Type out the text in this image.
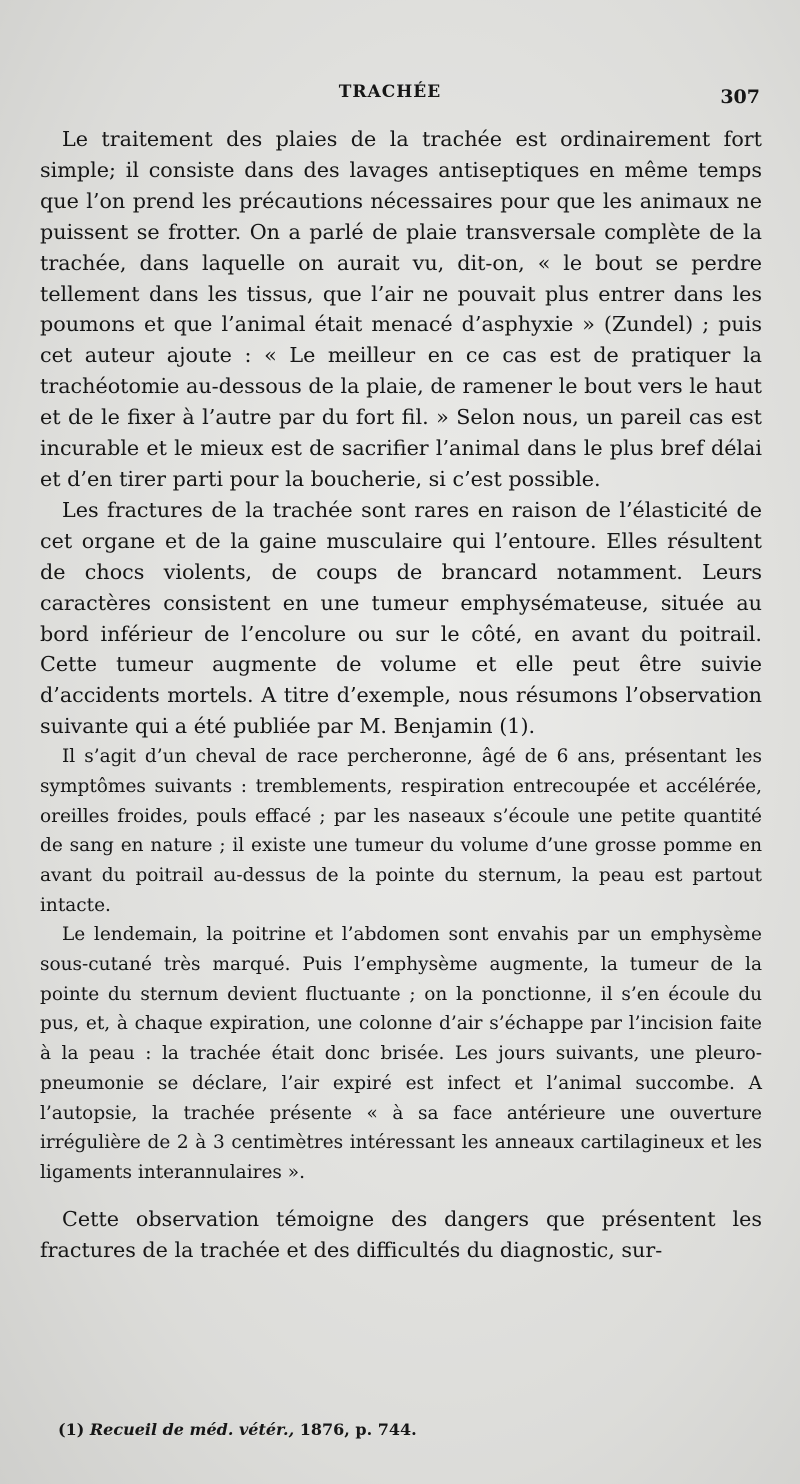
TRACHÉE	307

Le traitement des plaies de la trachée est ordinairement fort simple; il consiste dans des lavages antiseptiques en même temps que l’on prend les précautions nécessaires pour que les animaux ne puissent se frotter. On a parlé de plaie transversale complète de la trachée, dans laquelle on aurait vu, dit-on, « le bout se perdre tellement dans les tissus, que l’air ne pouvait plus entrer dans les poumons et que l’animal était menacé d’asphyxie » (Zundel) ; puis cet auteur ajoute : « Le meilleur en ce cas est de pratiquer la trachéotomie au-dessous de la plaie, de ramener le bout vers le haut et de le fixer à l’autre par du fort fil. » Selon nous, un pareil cas est incurable et le mieux est de sacrifier l’animal dans le plus bref délai et d’en tirer parti pour la boucherie, si c’est possible.

Les fractures de la trachée sont rares en raison de l’élasticité de cet organe et de la gaine musculaire qui l’entoure. Elles résultent de chocs violents, de coups de brancard notamment. Leurs caractères consistent en une tumeur emphysémateuse, située au bord inférieur de l’encolure ou sur le côté, en avant du poitrail. Cette tumeur augmente de volume et elle peut être suivie d’accidents mortels. A titre d’exemple, nous résumons l’observation suivante qui a été publiée par M. Benjamin (1).

Il s’agit d’un cheval de race percheronne, âgé de 6 ans, présentant les symptômes suivants : tremblements, respiration entrecoupée et accélérée, oreilles froides, pouls effacé ; par les naseaux s’écoule une petite quantité de sang en nature ; il existe une tumeur du volume d’une grosse pomme en avant du poitrail au-dessus de la pointe du sternum, la peau est partout intacte.

Le lendemain, la poitrine et l’abdomen sont envahis par un emphysème sous-cutané très marqué. Puis l’emphysème augmente, la tumeur de la pointe du sternum devient fluctuante ; on la ponctionne, il s’en écoule du pus, et, à chaque expiration, une colonne d’air s’échappe par l’incision faite à la peau : la trachée était donc brisée. Les jours suivants, une pleuro-pneumonie se déclare, l’air expiré est infect et l’animal succombe. A l’autopsie, la trachée présente « à sa face antérieure une ouverture irrégulière de 2 à 3 centimètres intéressant les anneaux cartilagineux et les ligaments interannulaires ».

Cette observation témoigne des dangers que présentent les fractures de la trachée et des difficultés du diagnostic, sur-

(1) Recueil de méd. vétér., 1876, p. 744.
